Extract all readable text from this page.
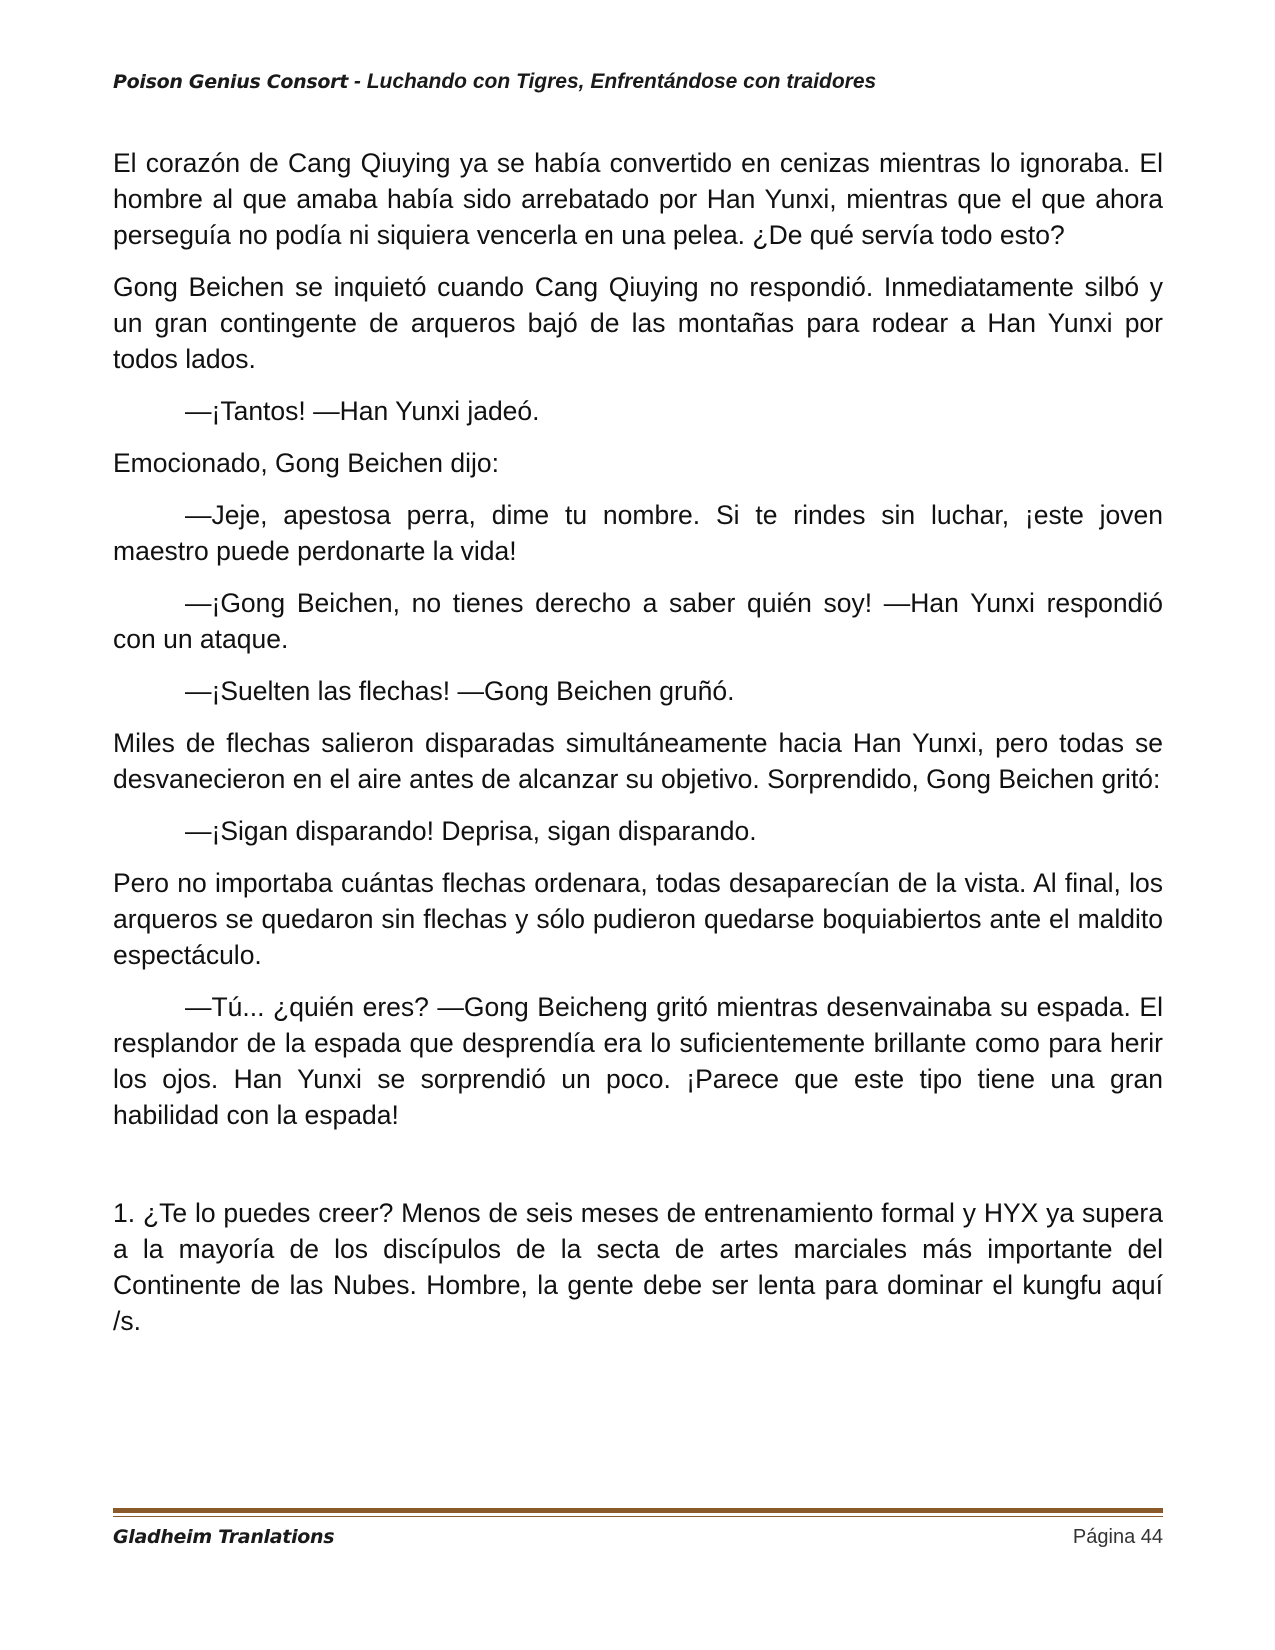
Poison Genius Consort - Luchando con Tigres, Enfrentándose con traidores

El corazón de Cang Qiuying ya se había convertido en cenizas mientras lo ignoraba. El hombre al que amaba había sido arrebatado por Han Yunxi, mientras que el que ahora perseguía no podía ni siquiera vencerla en una pelea. ¿De qué servía todo esto?

Gong Beichen se inquietó cuando Cang Qiuying no respondió. Inmediatamente silbó y un gran contingente de arqueros bajó de las montañas para rodear a Han Yunxi por todos lados.

—¡Tantos! —Han Yunxi jadeó.

Emocionado, Gong Beichen dijo:

—Jeje, apestosa perra, dime tu nombre. Si te rindes sin luchar, ¡este joven maestro puede perdonarte la vida!

—¡Gong Beichen, no tienes derecho a saber quién soy! —Han Yunxi respondió con un ataque.

—¡Suelten las flechas! —Gong Beichen gruñó.

Miles de flechas salieron disparadas simultáneamente hacia Han Yunxi, pero todas se desvanecieron en el aire antes de alcanzar su objetivo. Sorprendido, Gong Beichen gritó:

—¡Sigan disparando! Deprisa, sigan disparando.

Pero no importaba cuántas flechas ordenara, todas desaparecían de la vista. Al final, los arqueros se quedaron sin flechas y sólo pudieron quedarse boquiabiertos ante el maldito espectáculo.

—Tú... ¿quién eres? —Gong Beicheng gritó mientras desenvainaba su espada. El resplandor de la espada que desprendía era lo suficientemente brillante como para herir los ojos. Han Yunxi se sorprendió un poco. ¡Parece que este tipo tiene una gran habilidad con la espada!

1. ¿Te lo puedes creer? Menos de seis meses de entrenamiento formal y HYX ya supera a la mayoría de los discípulos de la secta de artes marciales más importante del Continente de las Nubes. Hombre, la gente debe ser lenta para dominar el kungfu aquí /s.

Gladheim Tranlations	Página 44
